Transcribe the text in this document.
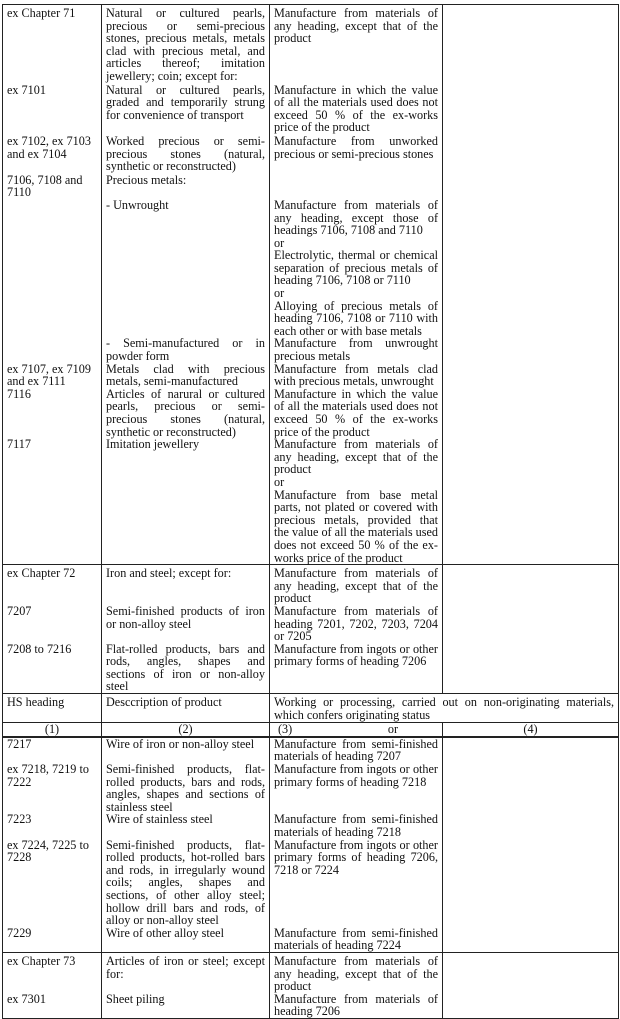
ex Chapter 71	Natural or cultured pearls, precious or semi-precious stones, precious metals, metals clad with precious metal, and articles thereof; imitation jewellery; coin; except for:	Manufacture from materials of any heading, except that of the product	

ex 7101	Natural or cultured pearls, graded and temporarily strung for convenience of transport	Manufacture in which the value of all the materials used does not exceed 50 % of the ex-works price of the product	

ex 7102, ex 7103 and ex 7104	Worked precious or semi-precious stones (natural, synthetic or reconstructed)	Manufacture from unworked precious or semi-precious stones	

7106, 7108 and 7110	Precious metals:		
	- Unwrought	Manufacture from materials of any heading, except those of headings 7106, 7108 and 7110
or
Electrolytic, thermal or chemical separation of precious metals of heading 7106, 7108 or 7110
or
Alloying of precious metals of heading 7106, 7108 or 7110 with each other or with base metals	

	- Semi-manufactured or in powder form	Manufacture from unwrought precious metals	

ex 7107, ex 7109 and ex 7111	Metals clad with precious metals, semi-manufactured	Manufacture from metals clad with precious metals, unwrought	

7116	Articles of narural or cultured pearls, precious or semi-precious stones (natural, synthetic or reconstructed)	Manufacture in which the value of all the materials used does not exceed 50 % of the ex-works price of the product	

7117	Imitation jewellery	Manufacture from materials of any heading, except that of the product
or
Manufacture from base metal parts, not plated or covered with precious metals, provided that the value of all the materials used does not exceed 50 % of the ex-works price of the product	

ex Chapter 72	Iron and steel; except for:	Manufacture from materials of any heading, except that of the product	

7207	Semi-finished products of iron or non-alloy steel	Manufacture from materials of heading 7201, 7202, 7203, 7204 or 7205	

7208 to 7216	Flat-rolled products, bars and rods, angles, shapes and sections of iron or non-alloy steel	Manufacture from ingots or other primary forms of heading 7206	

HS heading	Desccription of product	Working or processing, carried out on non-originating materials, which confers originating status	
(1)	(2)	(3) or	(4)
7217	Wire of iron or non-alloy steel	Manufacture from semi-finished materials of heading 7207	

ex 7218, 7219 to 7222	Semi-finished products, flat-rolled products, bars and rods, angles, shapes and sections of stainless steel	Manufacture from ingots or other primary forms of heading 7218	

7223	Wire of stainless steel	Manufacture from semi-finished materials of heading 7218	

ex 7224, 7225 to 7228	Semi-finished products, flat-rolled products, hot-rolled bars and rods, in irregularly wound coils; angles, shapes and sections, of other alloy steel; hollow drill bars and rods, of alloy or non-alloy steel	Manufacture from ingots or other primary forms of heading 7206, 7218 or 7224	

7229	Wire of other alloy steel	Manufacture from semi-finished materials of heading 7224	

ex Chapter 73	Articles of iron or steel; except for:	Manufacture from materials of any heading, except that of the product	

ex 7301	Sheet piling	Manufacture from materials of heading 7206	
